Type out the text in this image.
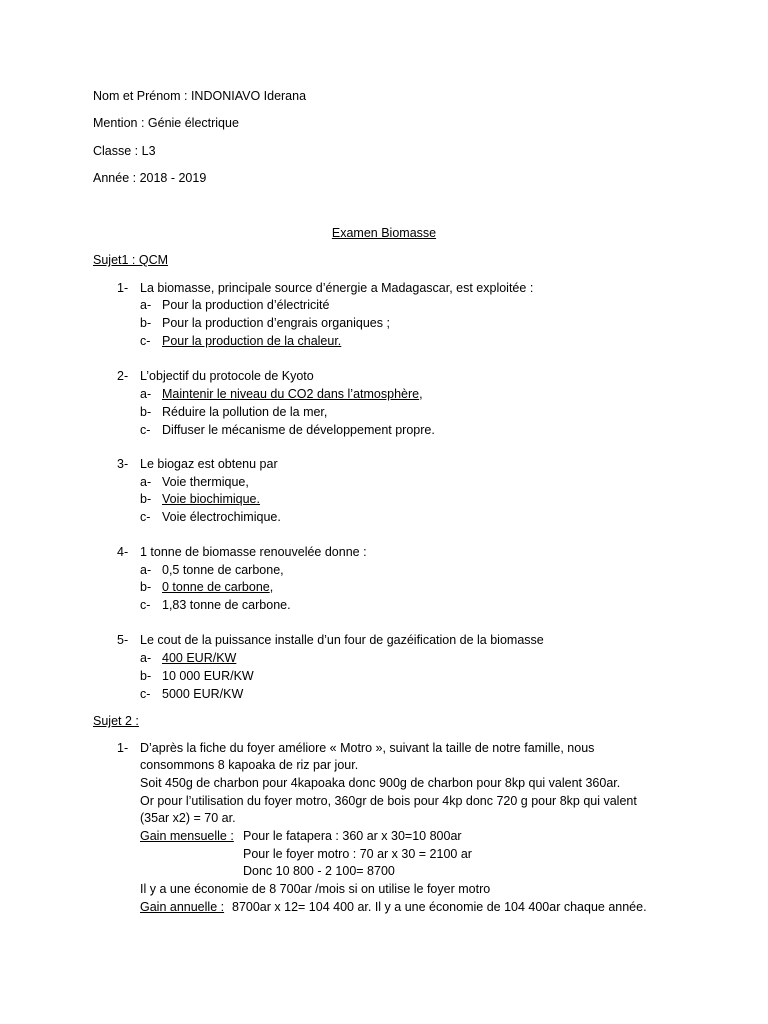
Nom et Prénom : INDONIAVO Iderana
Mention : Génie électrique
Classe : L3
Année : 2018 - 2019
Examen Biomasse
Sujet1 : QCM
1- La biomasse, principale source d’énergie a Madagascar, est exploitée :
a- Pour la production d’électricité
b- Pour la production d’engrais organiques ;
c- Pour la production de la chaleur.
2- L’objectif du protocole de Kyoto
a- Maintenir le niveau du CO2 dans l’atmosphère,
b- Réduire la pollution de la mer,
c- Diffuser le mécanisme de développement propre.
3- Le biogaz est obtenu par
a- Voie thermique,
b- Voie biochimique.
c- Voie électrochimique.
4- 1 tonne de biomasse renouvelée donne :
a- 0,5 tonne de carbone,
b- 0 tonne de carbone,
c- 1,83 tonne de carbone.
5- Le cout de la puissance installe d’un four de gazéification de la biomasse
a- 400 EUR/KW
b- 10 000 EUR/KW
c- 5000 EUR/KW
Sujet 2 :
1- D’après la fiche du foyer améliore « Motro », suivant la taille de notre famille, nous
consommons 8 kapoaka de riz par jour.
Soit 450g de charbon pour 4kapoaka donc 900g de charbon pour 8kp qui valent 360ar.
Or pour l’utilisation du foyer motro, 360gr de bois pour 4kp donc 720 g pour 8kp qui valent
(35ar x2) = 70 ar.
Gain mensuelle : Pour le fatapera : 360 ar x 30=10 800ar
Pour le foyer motro : 70 ar x 30 = 2100 ar
Donc 10 800 - 2 100= 8700
Il y a une économie de 8 700ar /mois si on utilise le foyer motro
Gain annuelle : 8700ar x 12= 104 400 ar. Il y a une économie de 104 400ar chaque année.
